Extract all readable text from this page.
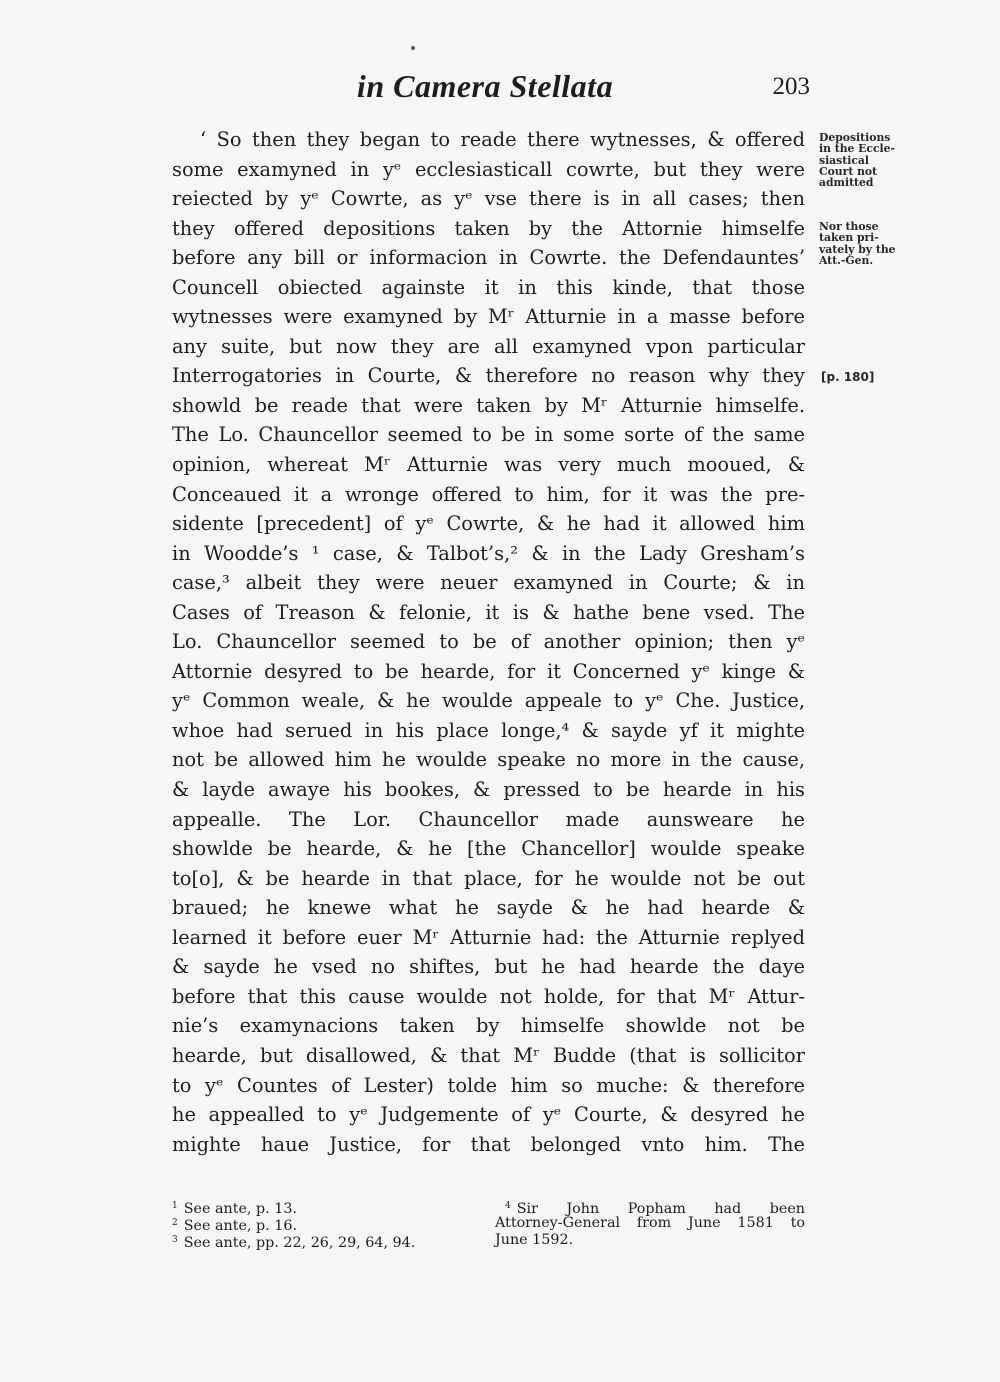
in Camera Stellata	203
Depositions
in the Eccle-
siastical
Court not
admitted
Nor those
taken pri-
vately by the
Att.-Gen.
[p. 180]
‘ So then they began to reade there wytnesses, & offered
some examyned in yᵉ ecclesiasticall cowrte, but they were
reiected by yᵉ Cowrte, as yᵉ vse there is in all cases; then
they offered depositions taken by the Attornie himselfe
before any bill or informacion in Cowrte. the Defendauntes’
Councell obiected againste it in this kinde, that those
wytnesses were examyned by Mʳ Atturnie in a masse before
any suite, but now they are all examyned vpon particular
Interrogatories in Courte, & therefore no reason why they
showld be reade that were taken by Mʳ Atturnie himselfe.
The Lo. Chauncellor seemed to be in some sorte of the same
opinion, whereat Mʳ Atturnie was very much mooued, &
Conceaued it a wronge offered to him, for it was the pre-
sidente [precedent] of yᵉ Cowrte, & he had it allowed him
in Woodde’s ¹ case, & Talbot’s,² & in the Lady Gresham’s
case,³ albeit they were neuer examyned in Courte; & in
Cases of Treason & felonie, it is & hathe bene vsed. The
Lo. Chauncellor seemed to be of another opinion; then yᵉ
Attornie desyred to be hearde, for it Concerned yᵉ kinge &
yᵉ Common weale, & he woulde appeale to yᵉ Che. Justice,
whoe had serued in his place longe,⁴ & sayde yf it mighte
not be allowed him he woulde speake no more in the cause,
& layde awaye his bookes, & pressed to be hearde in his
appealle. The Lor. Chauncellor made aunsweare he
showlde be hearde, & he [the Chancellor] woulde speake
to[o], & be hearde in that place, for he woulde not be out
braued; he knewe what he sayde & he had hearde &
learned it before euer Mʳ Atturnie had: the Atturnie replyed
& sayde he vsed no shiftes, but he had hearde the daye
before that this cause woulde not holde, for that Mʳ Attur-
nie’s examynacions taken by himselfe showlde not be
hearde, but disallowed, & that Mʳ Budde (that is sollicitor
to yᵉ Countes of Lester) tolde him so muche: & therefore
he appealled to yᵉ Judgemente of yᵉ Courte, & desyred he
mighte haue Justice, for that belonged vnto him. The
$^1$ See ante, p. 13.
$^2$ See ante, p. 16.
$^3$ See ante, pp. 22, 26, 29, 64, 94.
$^4$ Sir John Popham had been
Attorney-General from June 1581 to
June 1592.
